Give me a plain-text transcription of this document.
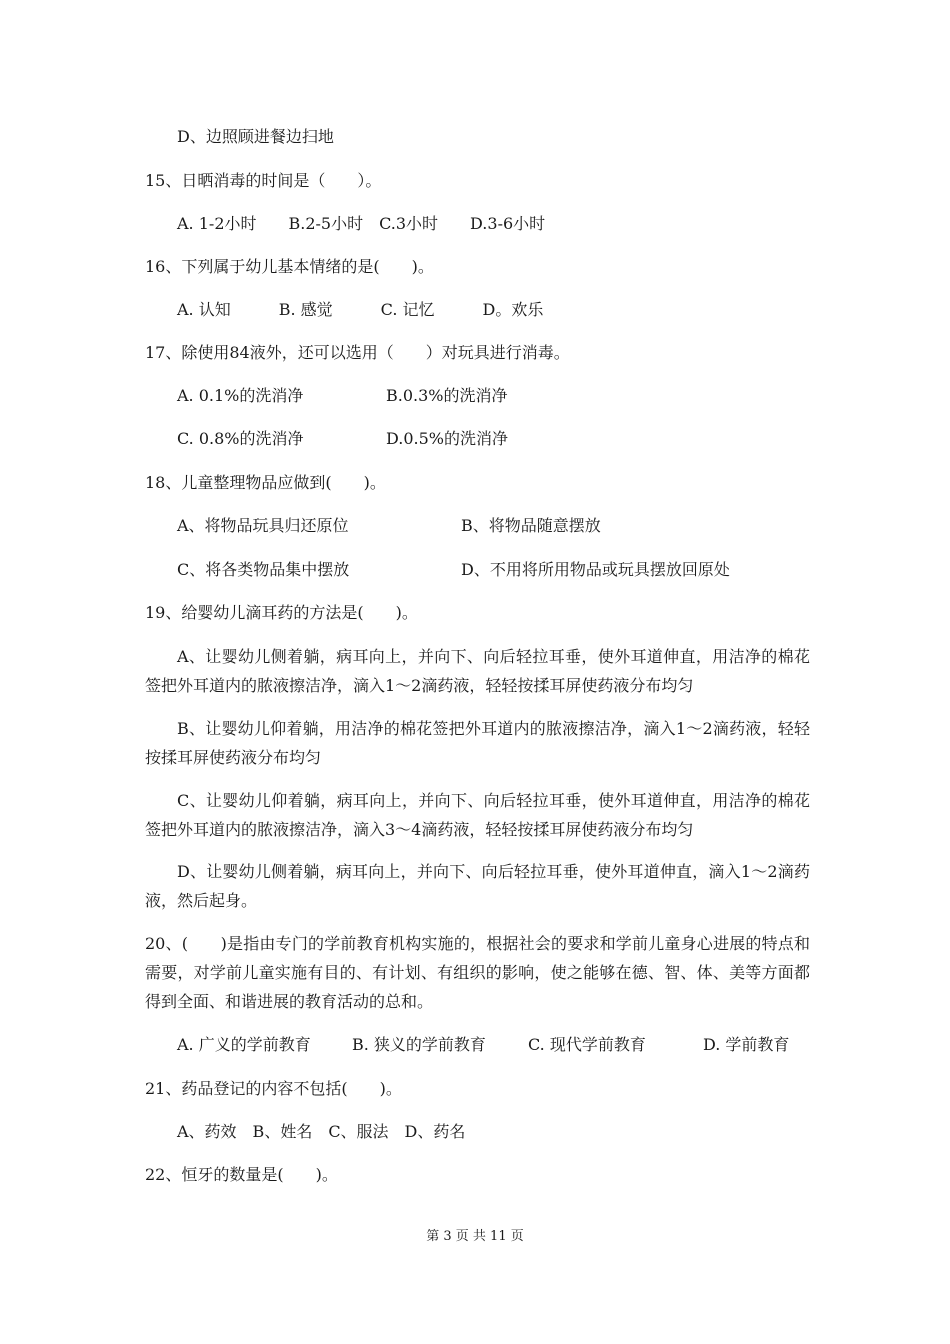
D、边照顾进餐边扫地
15、日晒消毒的时间是（　　）。
A. 1-2小时　　B.2-5小时　C.3小时　　D.3-6小时
16、下列属于幼儿基本情绪的是(　　)。
A. 认知　　　B. 感觉　　　C. 记忆　　　D。欢乐
17、除使用84液外，还可以选用（　　）对玩具进行消毒。
A. 0.1%的洗消净	B.0.3%的洗消净
C. 0.8%的洗消净	D.0.5%的洗消净
18、儿童整理物品应做到(　　)。
A、将物品玩具归还原位	B、将物品随意摆放
C、将各类物品集中摆放	D、不用将所用物品或玩具摆放回原处
19、给婴幼儿滴耳药的方法是(　　)。
A、让婴幼儿侧着躺，病耳向上，并向下、向后轻拉耳垂，使外耳道伸直，用洁净的棉花签把外耳道内的脓液擦洁净，滴入1～2滴药液，轻轻按揉耳屏使药液分布均匀
B、让婴幼儿仰着躺，用洁净的棉花签把外耳道内的脓液擦洁净，滴入1～2滴药液，轻轻按揉耳屏使药液分布均匀
C、让婴幼儿仰着躺，病耳向上，并向下、向后轻拉耳垂，使外耳道伸直，用洁净的棉花签把外耳道内的脓液擦洁净，滴入3～4滴药液，轻轻按揉耳屏使药液分布均匀
D、让婴幼儿侧着躺，病耳向上，并向下、向后轻拉耳垂，使外耳道伸直，滴入1～2滴药液，然后起身。
20、(　　)是指由专门的学前教育机构实施的，根据社会的要求和学前儿童身心进展的特点和需要，对学前儿童实施有目的、有计划、有组织的影响，使之能够在德、智、体、美等方面都得到全面、和谐进展的教育活动的总和。
A. 广义的学前教育	B. 狭义的学前教育	C. 现代学前教育	D. 学前教育
21、药品登记的内容不包括(　　)。
A、药效　B、姓名　C、服法　D、药名
22、恒牙的数量是(　　)。
第 3 页 共 11 页
